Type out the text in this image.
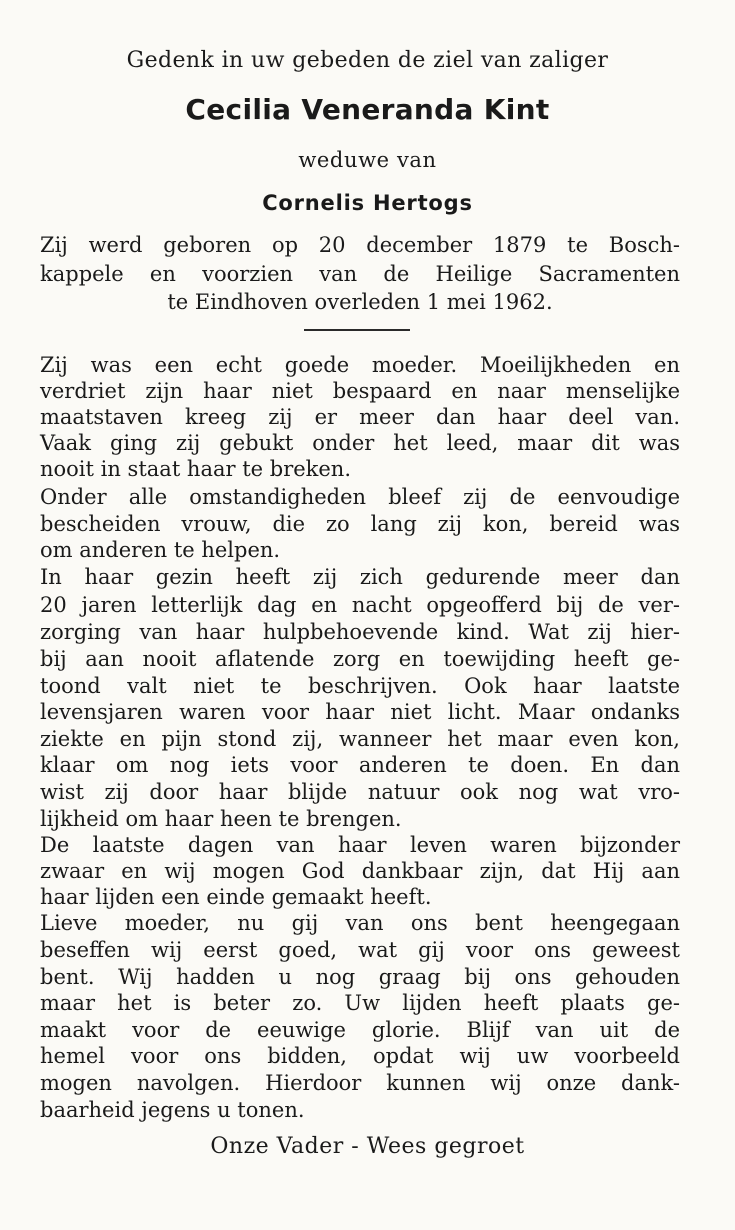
Gedenk in uw gebeden de ziel van zaliger

Cecilia Veneranda Kint

weduwe van

Cornelis Hertogs

Zij werd geboren op 20 december 1879 te Bosch-

kappele en voorzien van de Heilige Sacramenten

te Eindhoven overleden 1 mei 1962.

Zij was een echt goede moeder. Moeilijkheden en

verdriet zijn haar niet bespaard en naar menselijke

maatstaven kreeg zij er meer dan haar deel van.

Vaak ging zij gebukt onder het leed, maar dit was

nooit in staat haar te breken.

Onder alle omstandigheden bleef zij de eenvoudige

bescheiden vrouw, die zo lang zij kon, bereid was

om anderen te helpen.

In haar gezin heeft zij zich gedurende meer dan

20 jaren letterlijk dag en nacht opgeofferd bij de ver-

zorging van haar hulpbehoevende kind. Wat zij hier-

bij aan nooit aflatende zorg en toewijding heeft ge-

toond valt niet te beschrijven. Ook haar laatste

levensjaren waren voor haar niet licht. Maar ondanks

ziekte en pijn stond zij, wanneer het maar even kon,

klaar om nog iets voor anderen te doen. En dan

wist zij door haar blijde natuur ook nog wat vro-

lijkheid om haar heen te brengen.

De laatste dagen van haar leven waren bijzonder

zwaar en wij mogen God dankbaar zijn, dat Hij aan

haar lijden een einde gemaakt heeft.

Lieve moeder, nu gij van ons bent heengegaan

beseffen wij eerst goed, wat gij voor ons geweest

bent. Wij hadden u nog graag bij ons gehouden

maar het is beter zo. Uw lijden heeft plaats ge-

maakt voor de eeuwige glorie. Blijf van uit de

hemel voor ons bidden, opdat wij uw voorbeeld

mogen navolgen. Hierdoor kunnen wij onze dank-

baarheid jegens u tonen.

Onze Vader - Wees gegroet
